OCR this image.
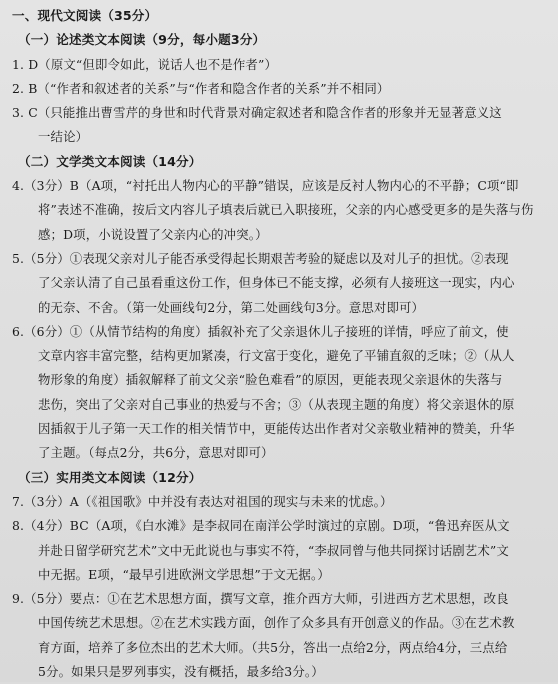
一、现代文阅读（35分）
（一）论述类文本阅读（9分，每小题3分）
1. D（原文“但即令如此，说话人也不是作者”）
2. B（“作者和叙述者的关系”与“作者和隐含作者的关系”并不相同）
3. C（只能推出曹雪芹的身世和时代背景对确定叙述者和隐含作者的形象并无显著意义这
一结论）
（二）文学类文本阅读（14分）
4.（3分）B（A项，“衬托出人物内心的平静”错误，应该是反衬人物内心的不平静；C项“即
将”表述不准确，按后文内容儿子填表后就已入职接班，父亲的内心感受更多的是失落与伤
感；D项，小说设置了父亲内心的冲突。）
5.（5分）①表现父亲对儿子能否承受得起长期艰苦考验的疑虑以及对儿子的担忧。②表现
了父亲认清了自己虽看重这份工作，但身体已不能支撑，必须有人接班这一现实，内心
的无奈、不舍。（第一处画线句2分，第二处画线句3分。意思对即可）
6.（6分）①（从情节结构的角度）插叙补充了父亲退休儿子接班的详情，呼应了前文，使
文章内容丰富完整，结构更加紧凑，行文富于变化，避免了平铺直叙的乏味；②（从人
物形象的角度）插叙解释了前文父亲“脸色难看”的原因，更能表现父亲退休的失落与
悲伤，突出了父亲对自己事业的热爱与不舍；③（从表现主题的角度）将父亲退休的原
因插叙于儿子第一天工作的相关情节中，更能传达出作者对父亲敬业精神的赞美，升华
了主题。（每点2分，共6分，意思对即可）
（三）实用类文本阅读（12分）
7.（3分）A（《祖国歌》中并没有表达对祖国的现实与未来的忧虑。）
8.（4分）BC（A项，《白水滩》是李叔同在南洋公学时演过的京剧。D项，“鲁迅弃医从文
并赴日留学研究艺术”文中无此说也与事实不符，“李叔同曾与他共同探讨话剧艺术”文
中无据。E项，“最早引进欧洲文学思想”于文无据。）
9.（5分）要点：①在艺术思想方面，撰写文章，推介西方大师，引进西方艺术思想，改良
中国传统艺术思想。②在艺术实践方面，创作了众多具有开创意义的作品。③在艺术教
育方面，培养了多位杰出的艺术大师。（共5分，答出一点给2分，两点给4分，三点给
5分。如果只是罗列事实，没有概括，最多给3分。）
